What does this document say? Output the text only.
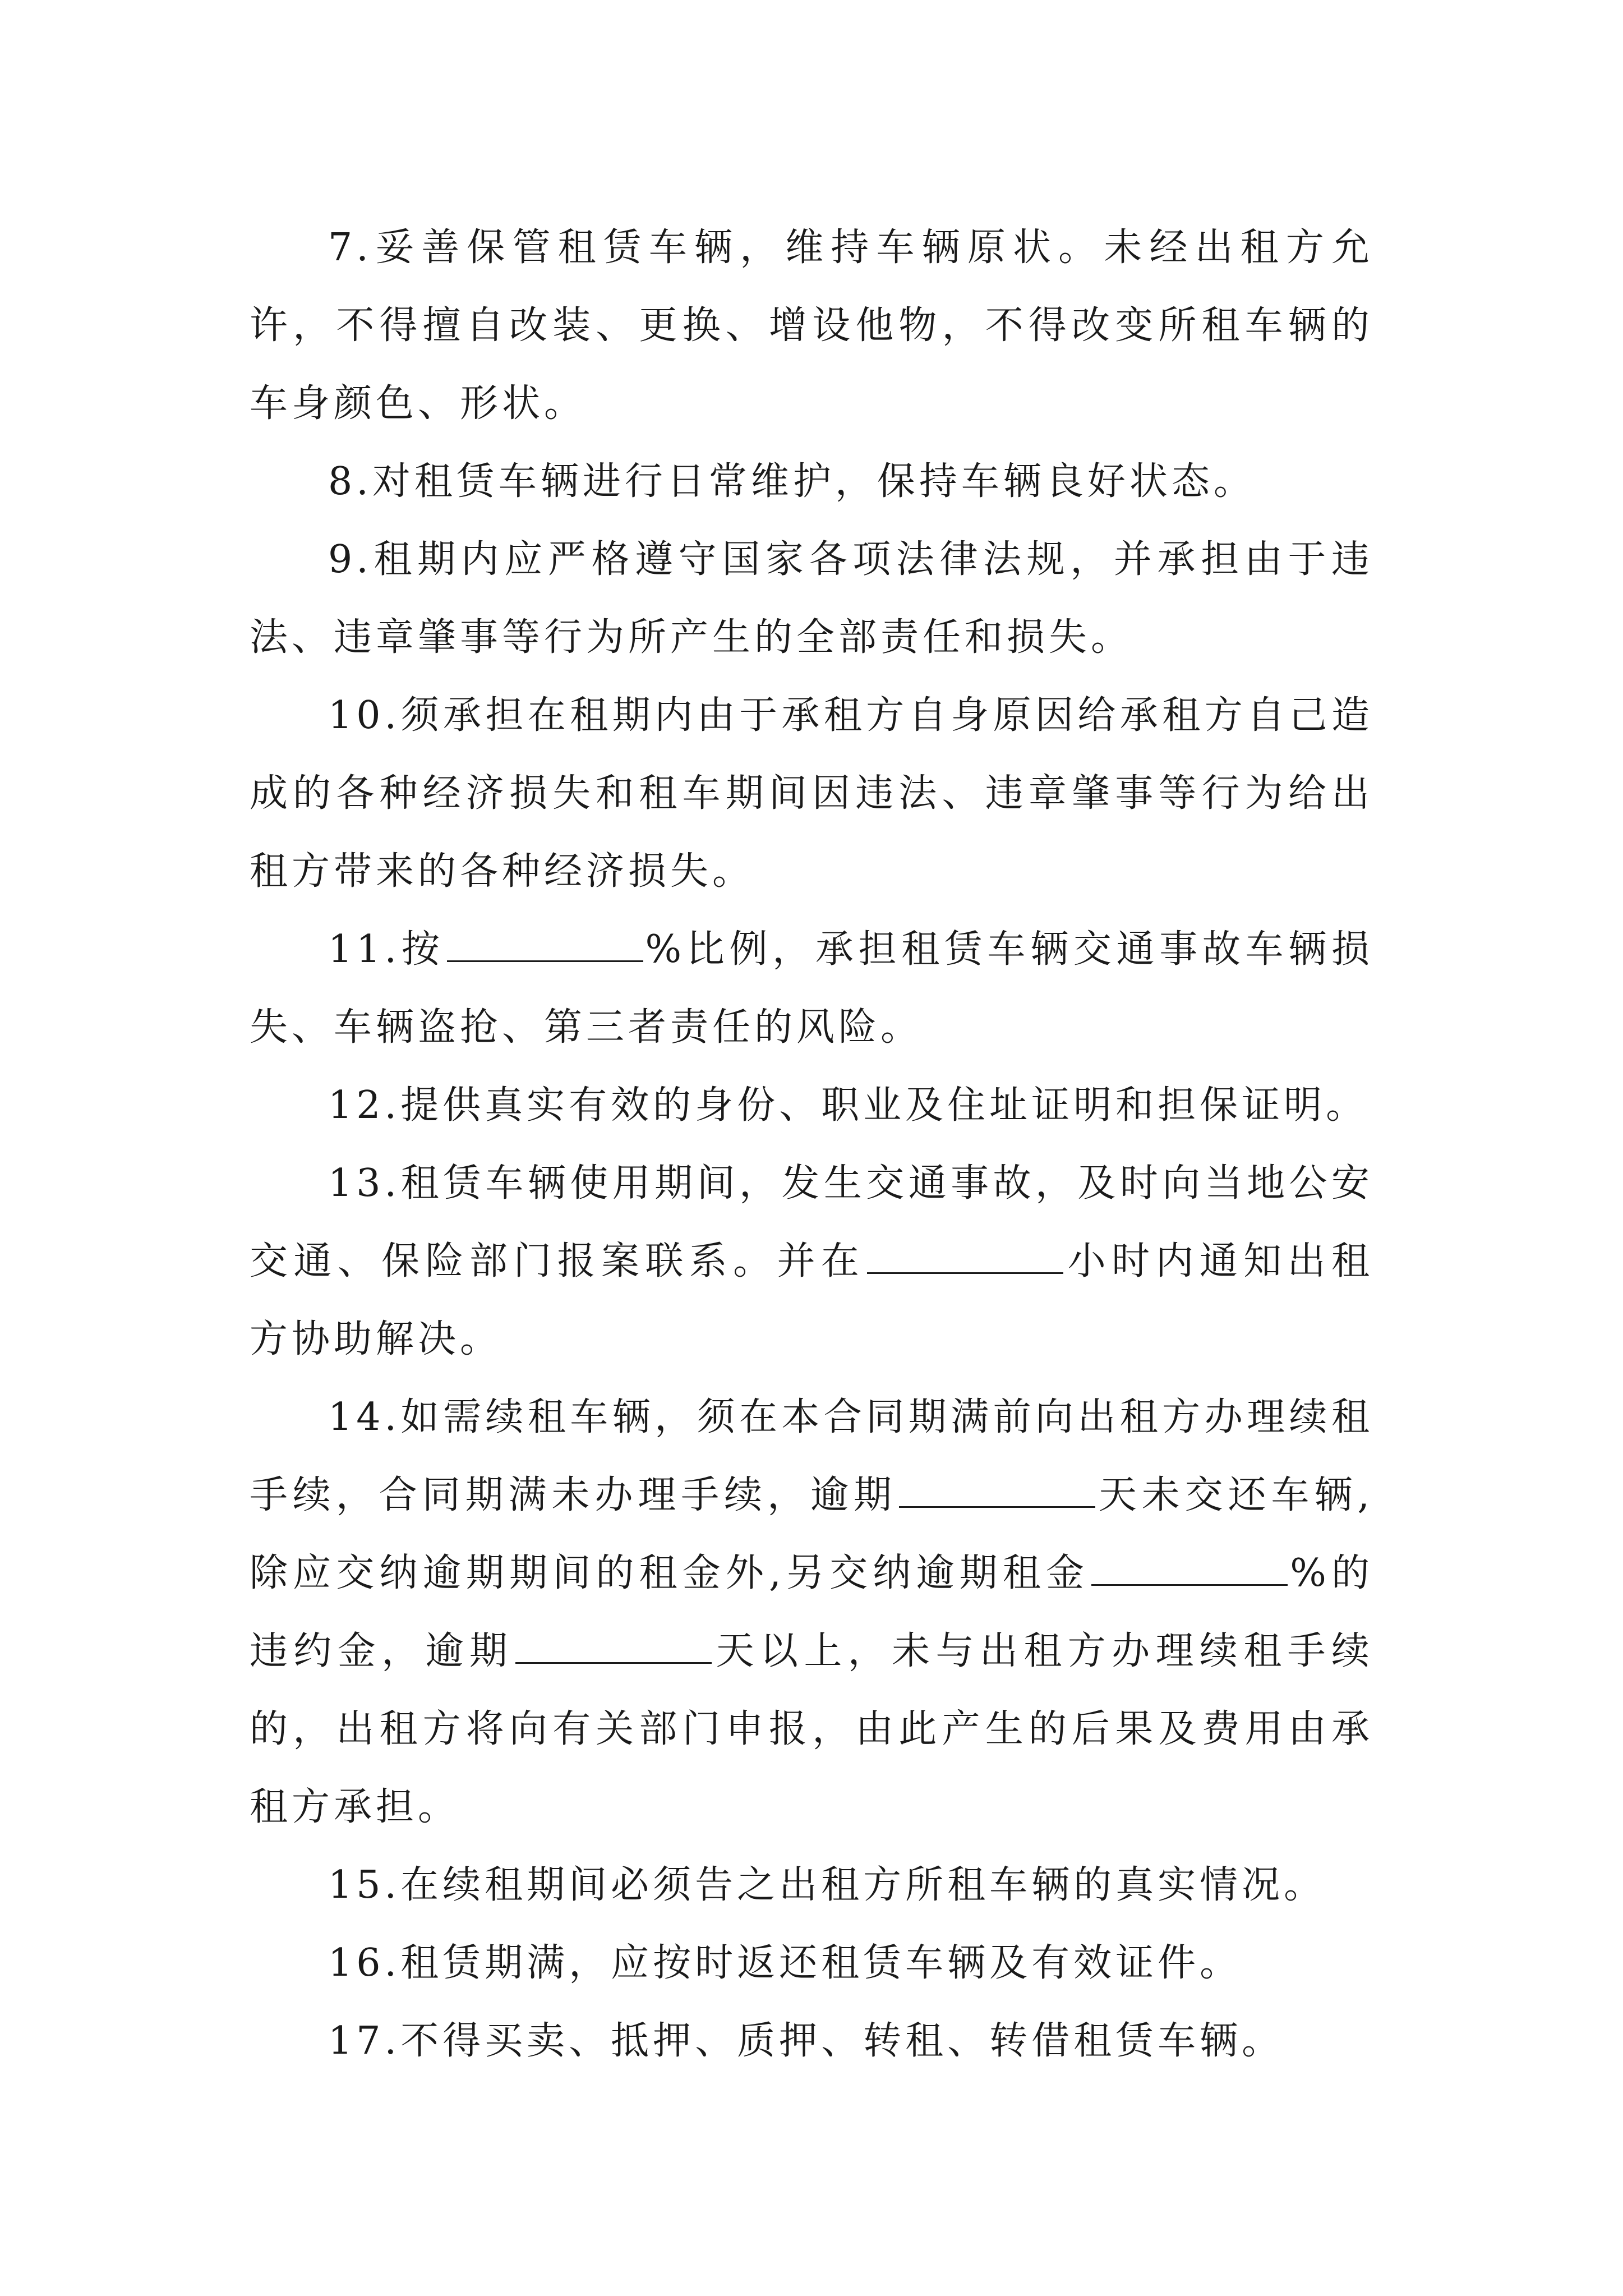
7.妥善保管租赁车辆，维持车辆原状。未经出租方允许，不得擅自改装、更换、增设他物，不得改变所租车辆的车身颜色、形状。

8.对租赁车辆进行日常维护，保持车辆良好状态。

9.租期内应严格遵守国家各项法律法规，并承担由于违法、违章肇事等行为所产生的全部责任和损失。

10.须承担在租期内由于承租方自身原因给承租方自己造成的各种经济损失和租车期间因违法、违章肇事等行为给出租方带来的各种经济损失。

11.按	%比例，承担租赁车辆交通事故车辆损失、车辆盗抢、第三者责任的风险。

12.提供真实有效的身份、职业及住址证明和担保证明。

13.租赁车辆使用期间，发生交通事故，及时向当地公安交通、保险部门报案联系。并在	小时内通知出租方协助解决。

14.如需续租车辆，须在本合同期满前向出租方办理续租手续，合同期满未办理手续，逾期	天未交还车辆,除应交纳逾期期间的租金外,另交纳逾期租金	%的违约金，逾期	天以上，未与出租方办理续租手续的，出租方将向有关部门申报，由此产生的后果及费用由承租方承担。

15.在续租期间必须告之出租方所租车辆的真实情况。

16.租赁期满，应按时返还租赁车辆及有效证件。

17.不得买卖、抵押、质押、转租、转借租赁车辆。
